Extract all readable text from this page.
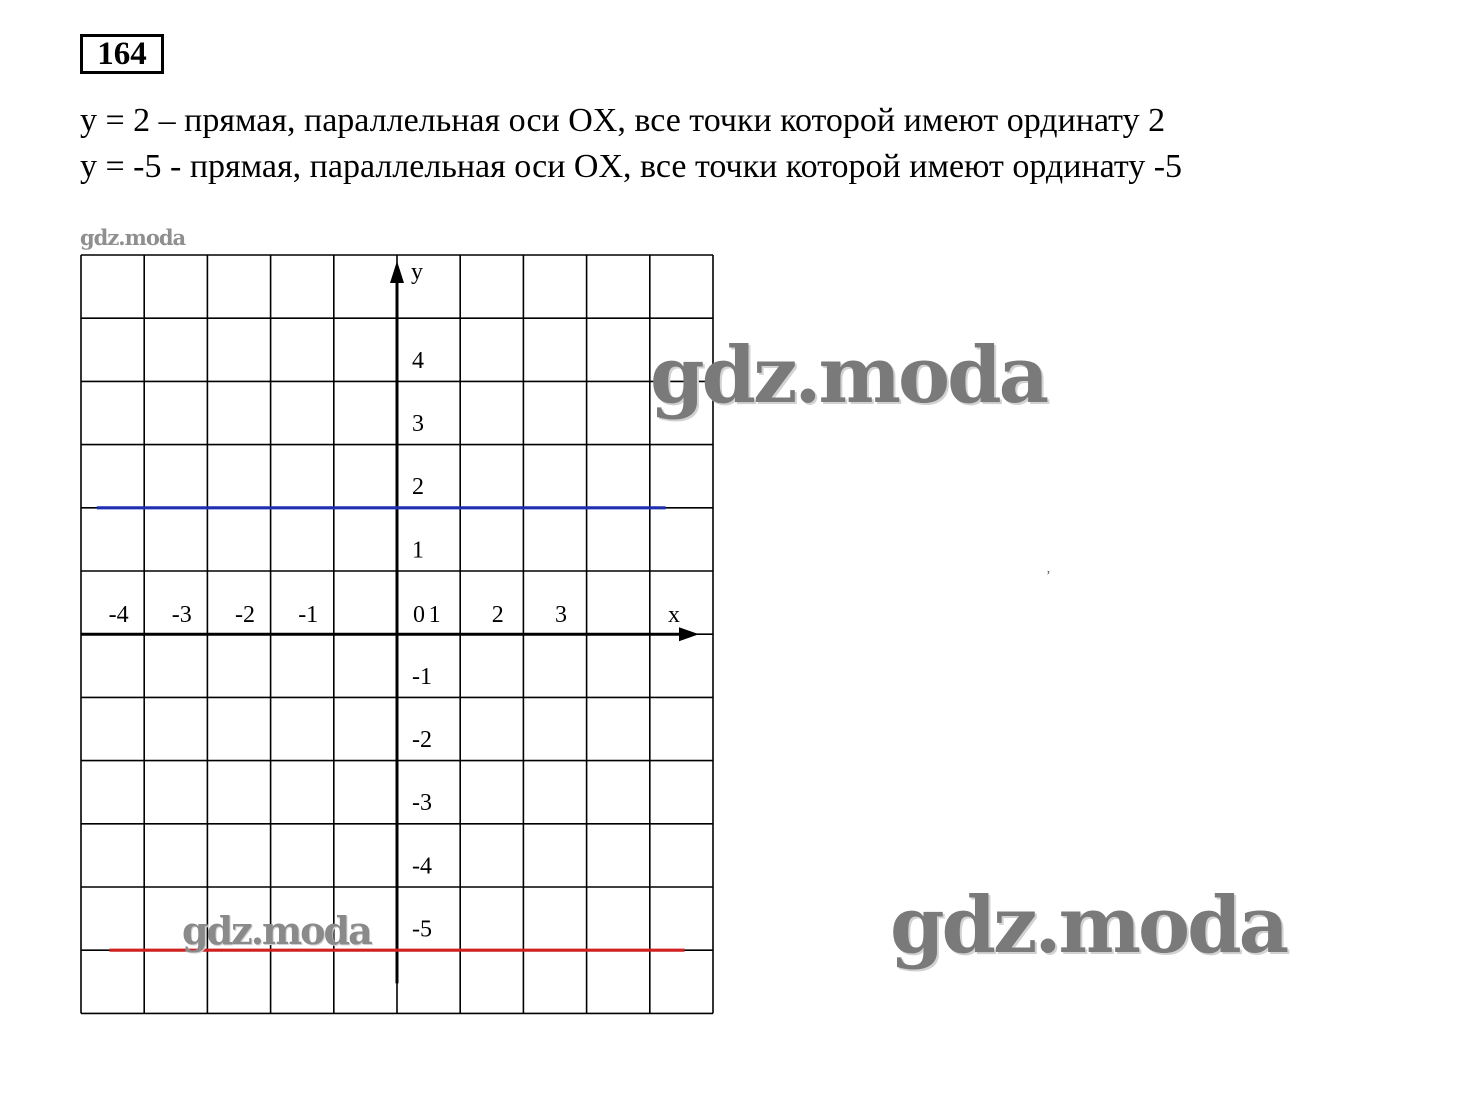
164
y = 2 – прямая, параллельная оси OX, все точки которой имеют ординату 2
y = -5 - прямая, параллельная оси OX, все точки которой имеют ординату -5
gdz.moda
-4 -3 -2 -1	0 1 2 3
4
3
2
1
-1
-2
-3
-4
-5
x
y
gdz.moda
gdz.moda
gdz.moda
ʼ
